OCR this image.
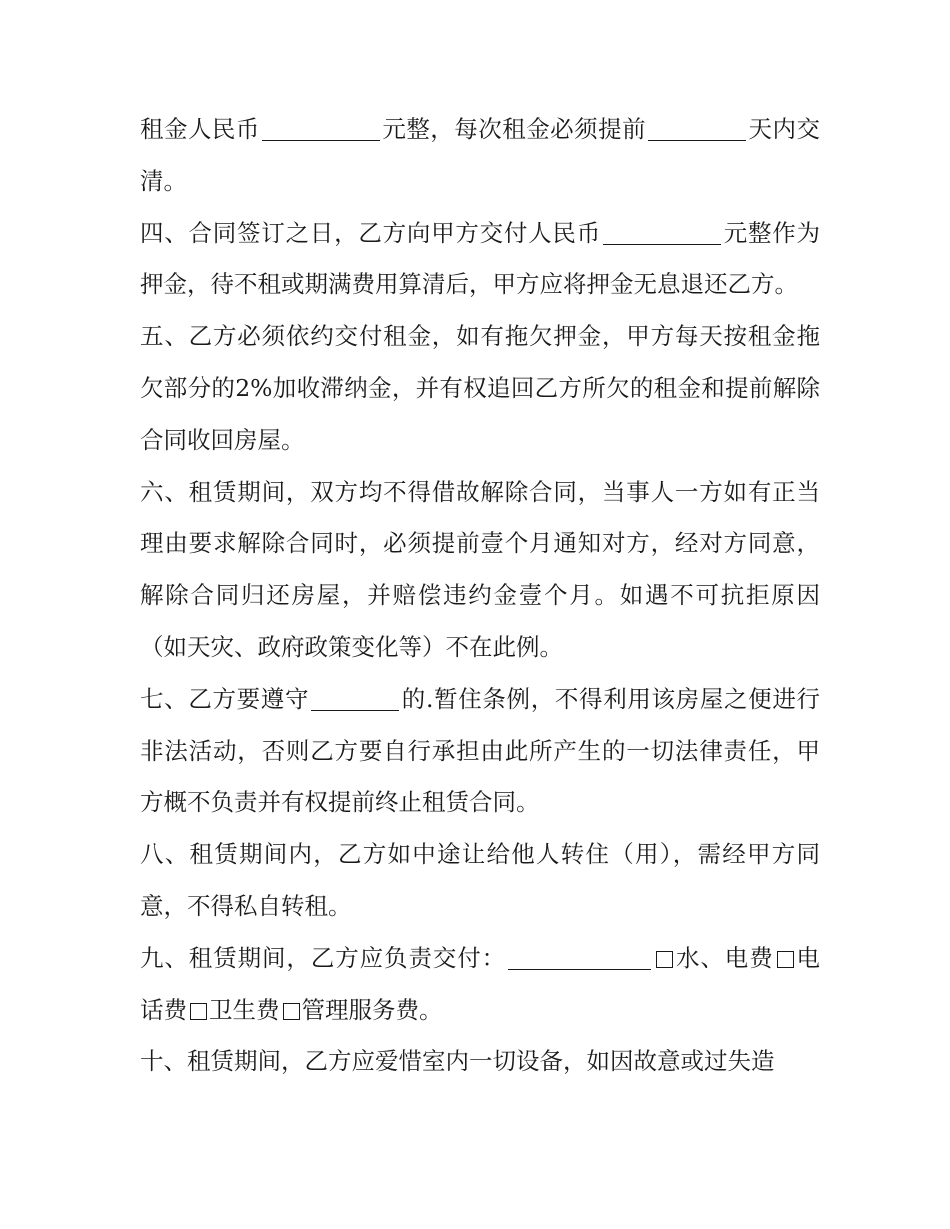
租金人民币	元整，每次租金必须提前	天内交清。

四、合同签订之日，乙方向甲方交付人民币	元整作为押金，待不租或期满费用算清后，甲方应将押金无息退还乙方。

五、乙方必须依约交付租金，如有拖欠押金，甲方每天按租金拖欠部分的2%加收滞纳金，并有权追回乙方所欠的租金和提前解除合同收回房屋。

六、租赁期间，双方均不得借故解除合同，当事人一方如有正当理由要求解除合同时，必须提前壹个月通知对方，经对方同意，解除合同归还房屋，并赔偿违约金壹个月。如遇不可抗拒原因（如天灾、政府政策变化等）不在此例。

七、乙方要遵守	的.暂住条例，不得利用该房屋之便进行非法活动，否则乙方要自行承担由此所产生的一切法律责任，甲方概不负责并有权提前终止租赁合同。

八、租赁期间内，乙方如中途让给他人转住（用），需经甲方同意，不得私自转租。

九、租赁期间，乙方应负责交付：	水、电费 电话费 卫生费 管理服务费。

十、租赁期间，乙方应爱惜室内一切设备，如因故意或过失造
